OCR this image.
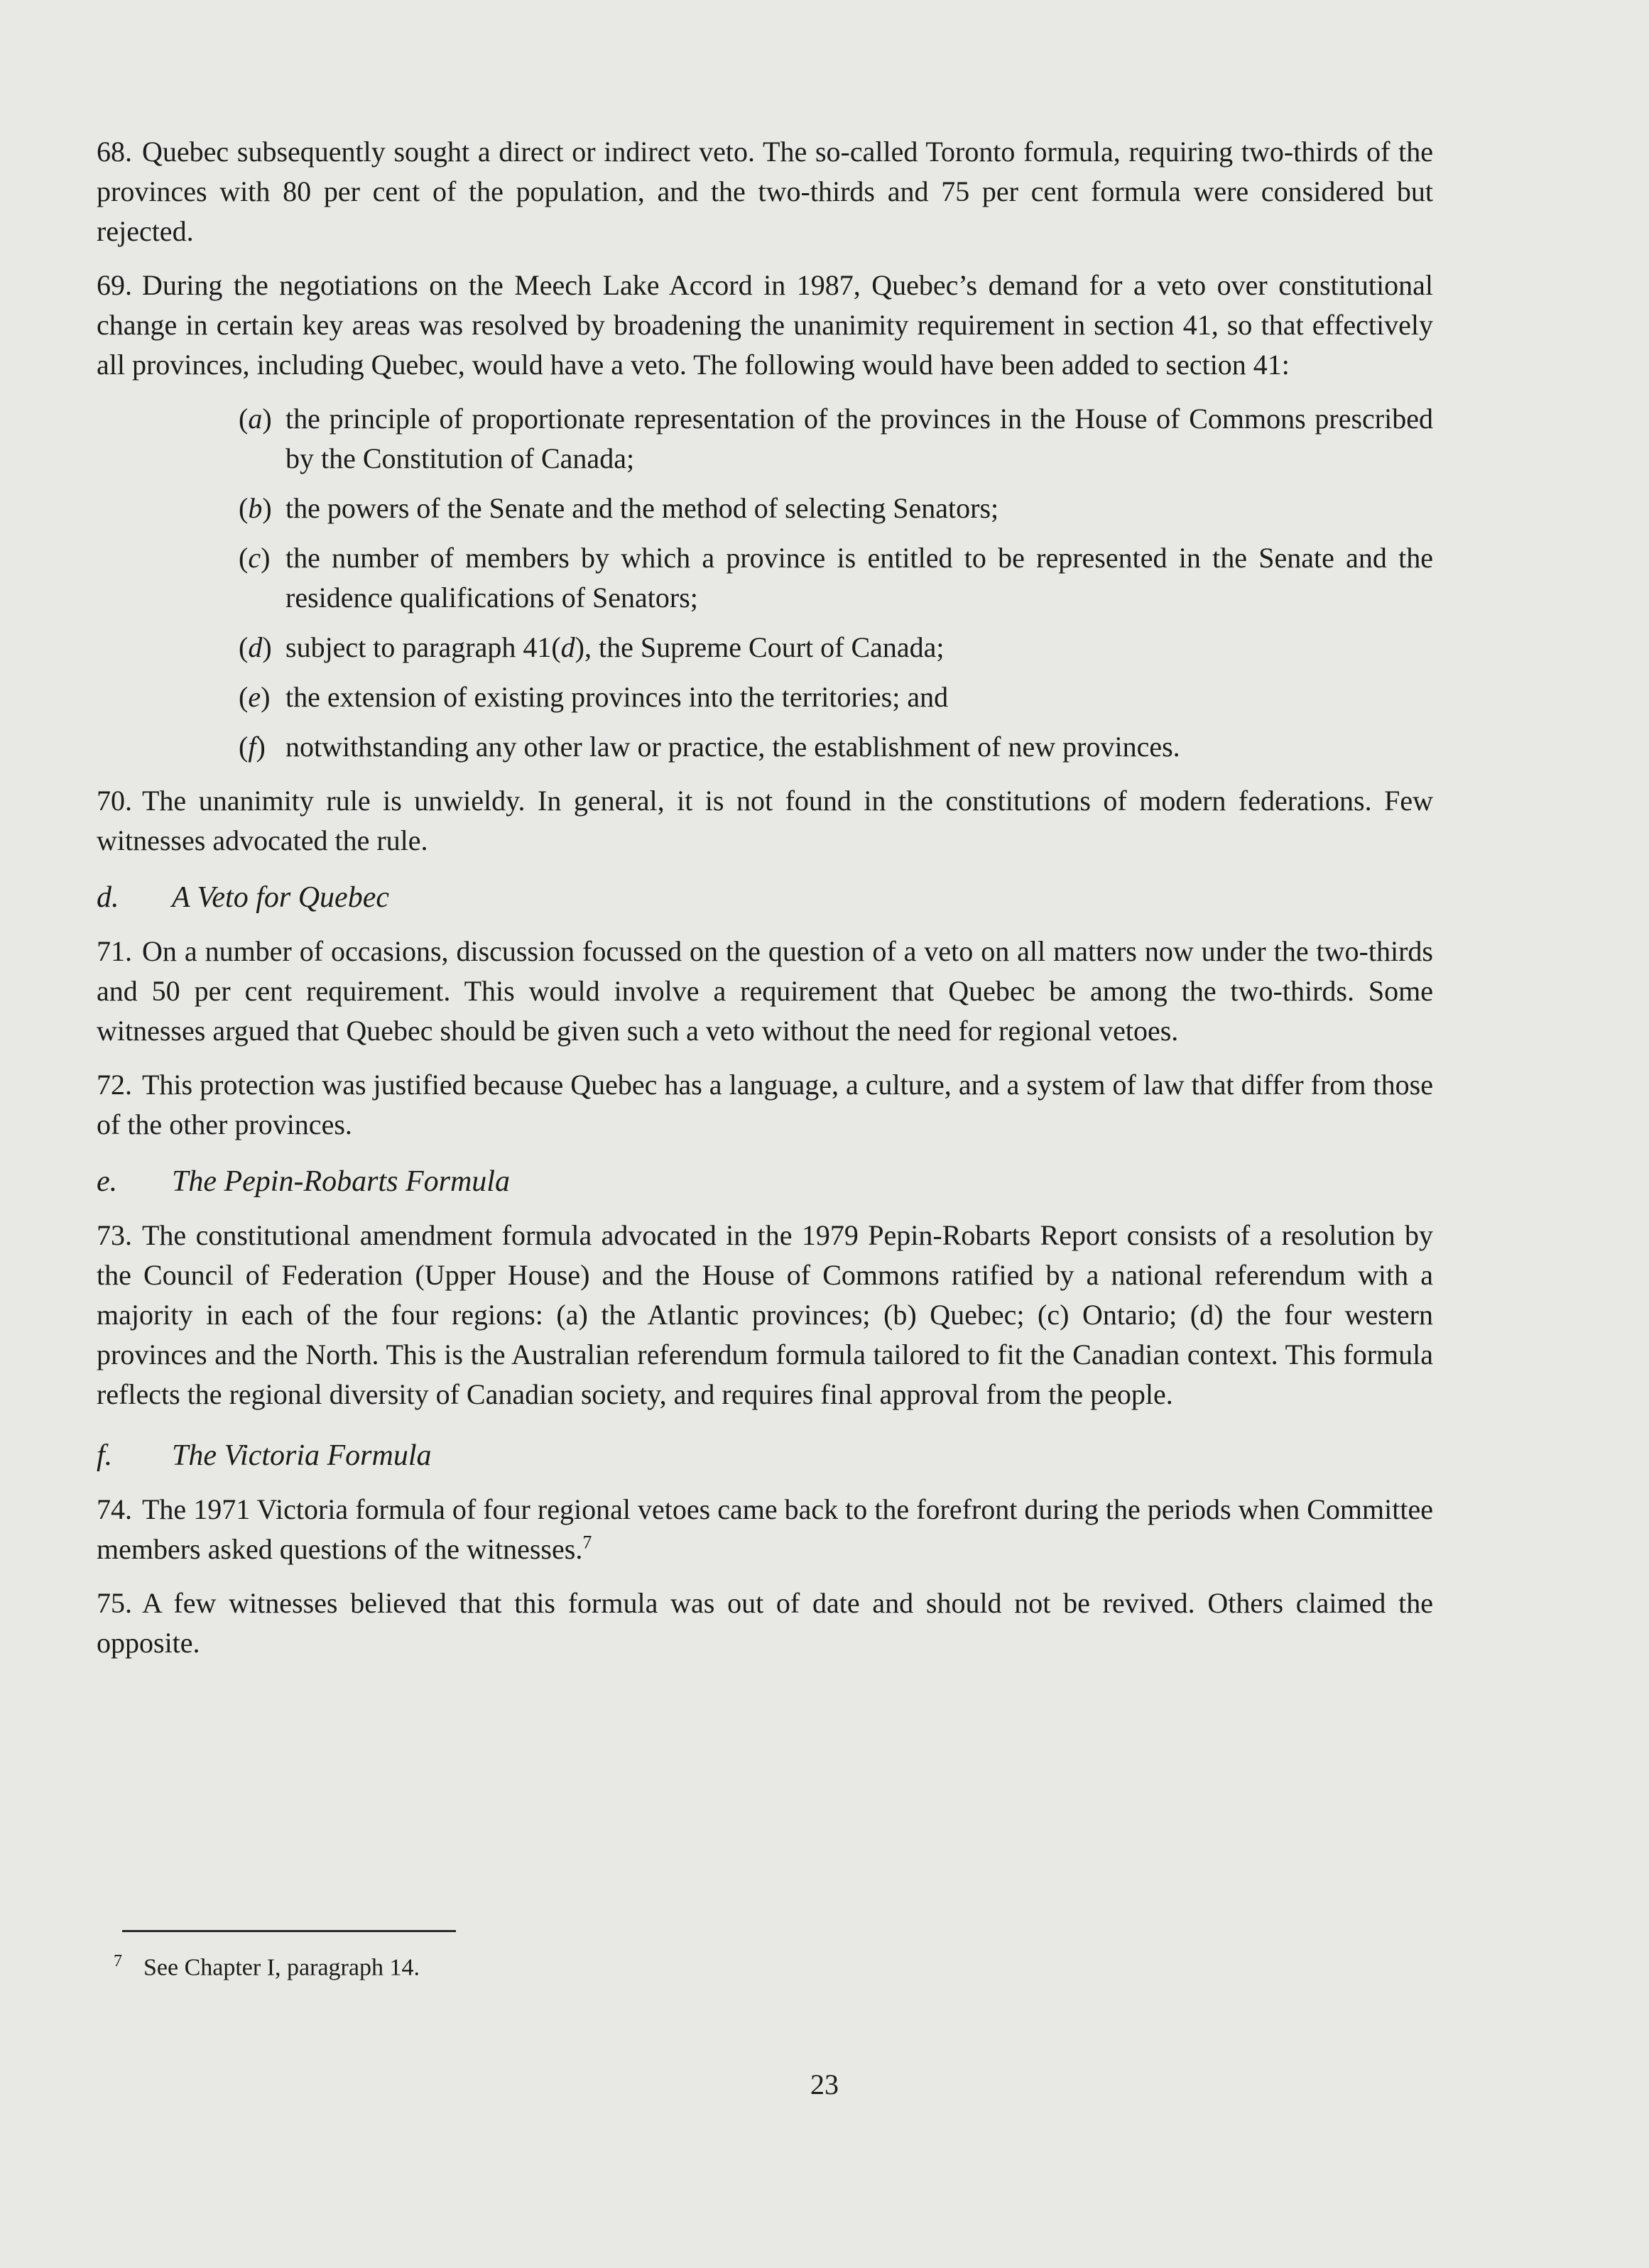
68. Quebec subsequently sought a direct or indirect veto. The so-called Toronto formula, requiring two-thirds of the provinces with 80 per cent of the population, and the two-thirds and 75 per cent formula were considered but rejected.

69. During the negotiations on the Meech Lake Accord in 1987, Quebec’s demand for a veto over constitutional change in certain key areas was resolved by broadening the unanimity requirement in section 41, so that effectively all provinces, including Quebec, would have a veto. The following would have been added to section 41:

(a) the principle of proportionate representation of the provinces in the House of Commons prescribed by the Constitution of Canada;
(b) the powers of the Senate and the method of selecting Senators;
(c) the number of members by which a province is entitled to be represented in the Senate and the residence qualifications of Senators;
(d) subject to paragraph 41(d), the Supreme Court of Canada;
(e) the extension of existing provinces into the territories; and
(f) notwithstanding any other law or practice, the establishment of new provinces.

70. The unanimity rule is unwieldy. In general, it is not found in the constitutions of modern federations. Few witnesses advocated the rule.

d. A Veto for Quebec

71. On a number of occasions, discussion focussed on the question of a veto on all matters now under the two-thirds and 50 per cent requirement. This would involve a requirement that Quebec be among the two-thirds. Some witnesses argued that Quebec should be given such a veto without the need for regional vetoes.

72. This protection was justified because Quebec has a language, a culture, and a system of law that differ from those of the other provinces.

e. The Pepin-Robarts Formula

73. The constitutional amendment formula advocated in the 1979 Pepin-Robarts Report consists of a resolution by the Council of Federation (Upper House) and the House of Commons ratified by a national referendum with a majority in each of the four regions: (a) the Atlantic provinces; (b) Quebec; (c) Ontario; (d) the four western provinces and the North. This is the Australian referendum formula tailored to fit the Canadian context. This formula reflects the regional diversity of Canadian society, and requires final approval from the people.

f. The Victoria Formula

74. The 1971 Victoria formula of four regional vetoes came back to the forefront during the periods when Committee members asked questions of the witnesses.$^7$

75. A few witnesses believed that this formula was out of date and should not be revived. Others claimed the opposite.

$^7$ See Chapter I, paragraph 14.
23
